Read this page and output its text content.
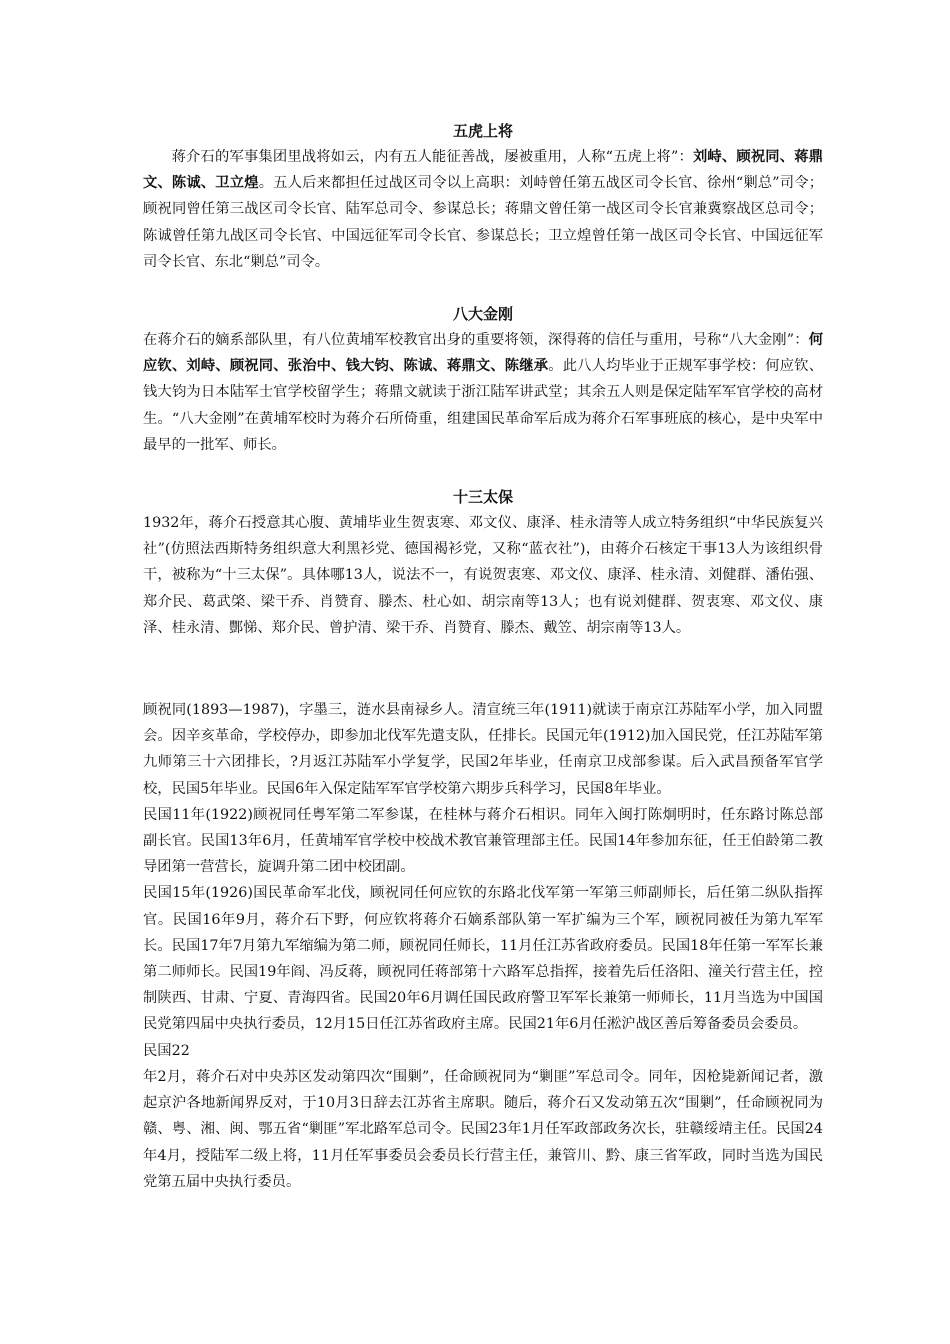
五虎上将

蒋介石的军事集团里战将如云，内有五人能征善战，屡被重用，人称“五虎上将”：刘峙、顾祝同、蒋鼎文、陈诚、卫立煌。五人后来都担任过战区司令以上高职：刘峙曾任第五战区司令长官、徐州“剿总”司令；顾祝同曾任第三战区司令长官、陆军总司令、参谋总长；蒋鼎文曾任第一战区司令长官兼冀察战区总司令；陈诚曾任第九战区司令长官、中国远征军司令长官、参谋总长；卫立煌曾任第一战区司令长官、中国远征军司令长官、东北“剿总”司令。

八大金刚

在蒋介石的嫡系部队里，有八位黄埔军校教官出身的重要将领，深得蒋的信任与重用，号称“八大金刚”：何应钦、刘峙、顾祝同、张治中、钱大钧、陈诚、蒋鼎文、陈继承。此八人均毕业于正规军事学校：何应钦、钱大钧为日本陆军士官学校留学生；蒋鼎文就读于浙江陆军讲武堂；其余五人则是保定陆军军官学校的高材生。“八大金刚”在黄埔军校时为蒋介石所倚重，组建国民革命军后成为蒋介石军事班底的核心，是中央军中最早的一批军、师长。

十三太保

1932年，蒋介石授意其心腹、黄埔毕业生贺衷寒、邓文仪、康泽、桂永清等人成立特务组织“中华民族复兴社”(仿照法西斯特务组织意大利黑衫党、德国褐衫党，又称“蓝衣社”)，由蒋介石核定干事13人为该组织骨干，被称为“十三太保”。具体哪13人，说法不一，有说贺衷寒、邓文仪、康泽、桂永清、刘健群、潘佑强、郑介民、葛武棨、梁干乔、肖赞育、滕杰、杜心如、胡宗南等13人；也有说刘健群、贺衷寒、邓文仪、康泽、桂永清、酆悌、郑介民、曾护清、梁干乔、肖赞育、滕杰、戴笠、胡宗南等13人。

顾祝同(1893—1987)，字墨三，涟水县南禄乡人。清宣统三年(1911)就读于南京江苏陆军小学，加入同盟会。因辛亥革命，学校停办，即参加北伐军先遣支队，任排长。民国元年(1912)加入国民党，任江苏陆军第九师第三十六团排长，?月返江苏陆军小学复学，民国2年毕业，任南京卫戍部参谋。后入武昌预备军官学校，民国5年毕业。民国6年入保定陆军军官学校第六期步兵科学习，民国8年毕业。

民国11年(1922)顾祝同任粤军第二军参谋，在桂林与蒋介石相识。同年入闽打陈炯明时，任东路讨陈总部副长官。民国13年6月，任黄埔军官学校中校战术教官兼管理部主任。民国14年参加东征，任王伯龄第二教导团第一营营长，旋调升第二团中校团副。

民国15年(1926)国民革命军北伐，顾祝同任何应钦的东路北伐军第一军第三师副师长，后任第二纵队指挥官。民国16年9月，蒋介石下野，何应钦将蒋介石嫡系部队第一军扩编为三个军，顾祝同被任为第九军军长。民国17年7月第九军缩编为第二师，顾祝同任师长，11月任江苏省政府委员。民国18年任第一军军长兼第二师师长。民国19年阎、冯反蒋，顾祝同任蒋部第十六路军总指挥，接着先后任洛阳、潼关行营主任，控制陕西、甘肃、宁夏、青海四省。民国20年6月调任国民政府警卫军军长兼第一师师长，11月当选为中国国民党第四届中央执行委员，12月15日任江苏省政府主席。民国21年6月任淞沪战区善后筹备委员会委员。

民国22

年2月，蒋介石对中央苏区发动第四次“围剿”，任命顾祝同为“剿匪”军总司令。同年，因枪毙新闻记者，激起京沪各地新闻界反对，于10月3日辞去江苏省主席职。随后，蒋介石又发动第五次“围剿”，任命顾祝同为赣、粤、湘、闽、鄂五省“剿匪”军北路军总司令。民国23年1月任军政部政务次长，驻赣绥靖主任。民国24年4月，授陆军二级上将，11月任军事委员会委员长行营主任，兼管川、黔、康三省军政，同时当选为国民党第五届中央执行委员。
